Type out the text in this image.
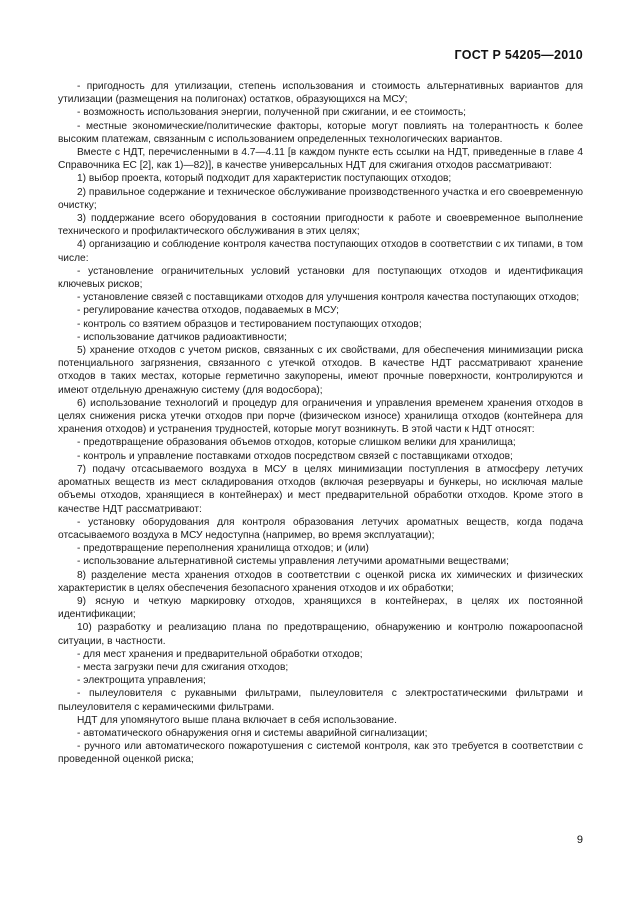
ГОСТ Р 54205—2010

- пригодность для утилизации, степень использования и стоимость альтернативных вариантов для утилизации (размещения на полигонах) остатков, образующихся на МСУ;

- возможность использования энергии, полученной при сжигании, и ее стоимость;

- местные экономические/политические факторы, которые могут повлиять на толерантность к более высоким платежам, связанным с использованием определенных технологических вариантов.

Вместе с НДТ, перечисленными в 4.7—4.11 [в каждом пункте есть ссылки на НДТ, приведенные в главе 4 Справочника ЕС [2], как 1)—82)], в качестве универсальных НДТ для сжигания отходов рассматривают:

1) выбор проекта, который подходит для характеристик поступающих отходов;

2) правильное содержание и техническое обслуживание производственного участка и его своевременную очистку;

3) поддержание всего оборудования в состоянии пригодности к работе и своевременное выполнение технического и профилактического обслуживания в этих целях;

4) организацию и соблюдение контроля качества поступающих отходов в соответствии с их типами, в том числе:

- установление ограничительных условий установки для поступающих отходов и идентификация ключевых рисков;

- установление связей с поставщиками отходов для улучшения контроля качества поступающих отходов;

- регулирование качества отходов, подаваемых в МСУ;

- контроль со взятием образцов и тестированием поступающих отходов;

- использование датчиков радиоактивности;

5) хранение отходов с учетом рисков, связанных с их свойствами, для обеспечения минимизации риска потенциального загрязнения, связанного с утечкой отходов. В качестве НДТ рассматривают хранение отходов в таких местах, которые герметично закупорены, имеют прочные поверхности, контролируются и имеют отдельную дренажную систему (для водосбора);

6) использование технологий и процедур для ограничения и управления временем хранения отходов в целях снижения риска утечки отходов при порче (физическом износе) хранилища отходов (контейнера для хранения отходов) и устранения трудностей, которые могут возникнуть. В этой части к НДТ относят:

- предотвращение образования объемов отходов, которые слишком велики для хранилища;

- контроль и управление поставками отходов посредством связей с поставщиками отходов;

7) подачу отсасываемого воздуха в МСУ в целях минимизации поступления в атмосферу летучих ароматных веществ из мест складирования отходов (включая резервуары и бункеры, но исключая малые объемы отходов, хранящиеся в контейнерах) и мест предварительной обработки отходов. Кроме этого в качестве НДТ рассматривают:

- установку оборудования для контроля образования летучих ароматных веществ, когда подача отсасываемого воздуха в МСУ недоступна (например, во время эксплуатации);

- предотвращение переполнения хранилища отходов; и (или)

- использование альтернативной системы управления летучими ароматными веществами;

8) разделение места хранения отходов в соответствии с оценкой риска их химических и физических характеристик в целях обеспечения безопасного хранения отходов и их обработки;

9) ясную и четкую маркировку отходов, хранящихся в контейнерах, в целях их постоянной идентификации;

10) разработку и реализацию плана по предотвращению, обнаружению и контролю пожароопасной ситуации, в частности.

- для мест хранения и предварительной обработки отходов;

- места загрузки печи для сжигания отходов;

- электрощита управления;

- пылеуловителя с рукавными фильтрами, пылеуловителя с электростатическими фильтрами и пылеуловителя с керамическими фильтрами.

НДТ для упомянутого выше плана включает в себя использование.

- автоматического обнаружения огня и системы аварийной сигнализации;

- ручного или автоматического пожаротушения с системой контроля, как это требуется в соответствии с проведенной оценкой риска;

9
